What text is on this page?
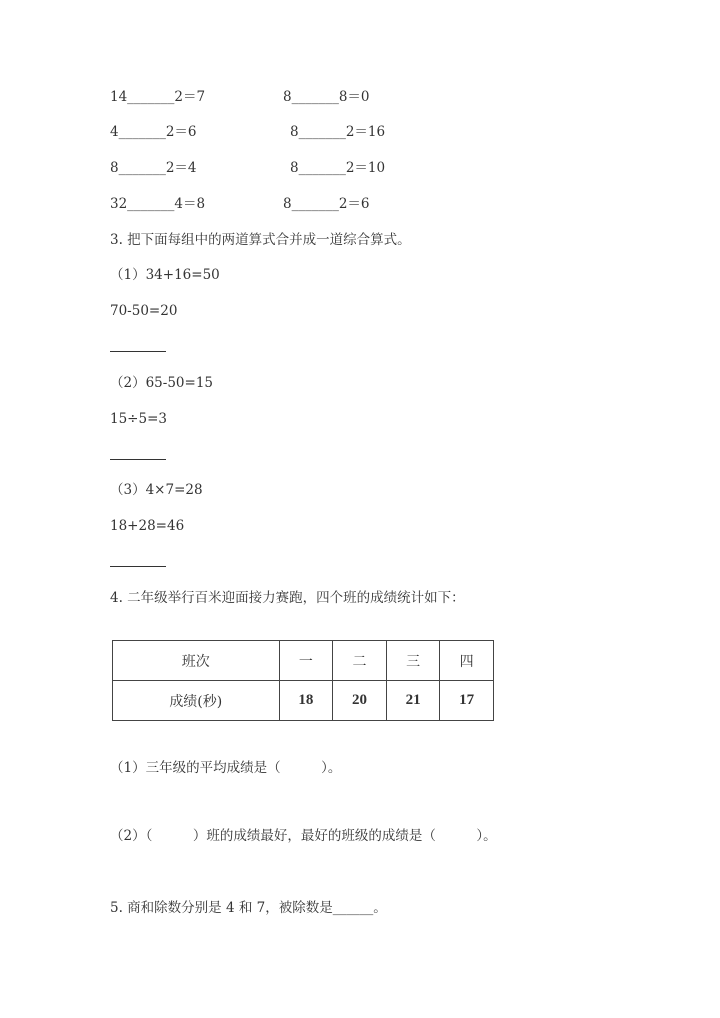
14_______2＝7	8_______8＝0
4_______2＝6	8_______2＝16
8_______2＝4	8_______2＝10
32_______4＝8	8_______2＝6
3. 把下面每组中的两道算式合并成一道综合算式。
（1）34+16=50
70-50=20
（2）65-50=15
15÷5=3
（3）4×7=28
18+28=46
4. 二年级举行百米迎面接力赛跑，四个班的成绩统计如下：
班次	一	二	三	四
成绩(秒)	18	20	21	17
（1）三年级的平均成绩是（　　　）。
（2）（　　　）班的成绩最好，最好的班级的成绩是（　　　）。
5. 商和除数分别是 4 和 7，被除数是______。
